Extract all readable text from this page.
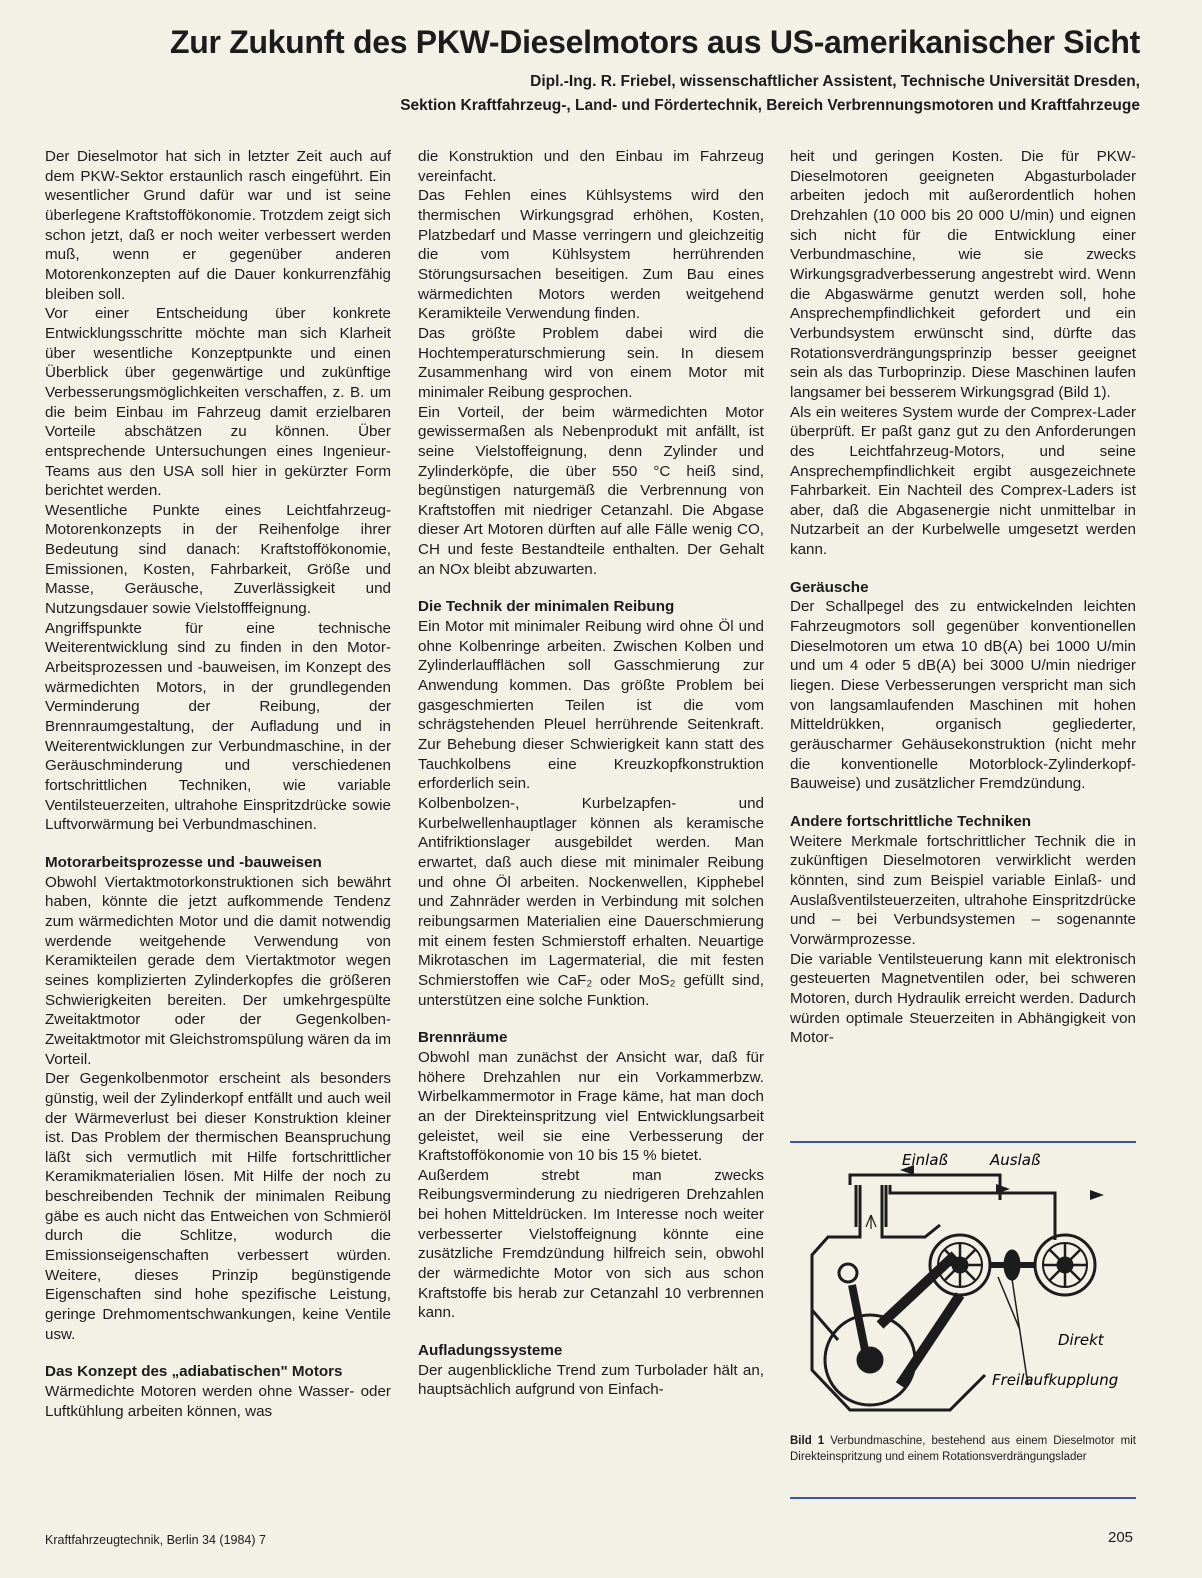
Zur Zukunft des PKW-Dieselmotors aus US-amerikanischer Sicht
Dipl.-Ing. R. Friebel, wissenschaftlicher Assistent, Technische Universität Dresden,
Sektion Kraftfahrzeug-, Land- und Fördertechnik, Bereich Verbrennungsmotoren und Kraftfahrzeuge

Der Dieselmotor hat sich in letzter Zeit auch auf dem PKW-Sektor erstaunlich rasch eingeführt. Ein wesentlicher Grund dafür war und ist seine überlegene Kraftstoffökonomie. Trotzdem zeigt sich schon jetzt, daß er noch weiter verbessert werden muß, wenn er gegenüber anderen Motorenkonzepten auf die Dauer konkurrenzfähig bleiben soll.

Vor einer Entscheidung über konkrete Entwicklungsschritte möchte man sich Klarheit über wesentliche Konzeptpunkte und einen Überblick über gegenwärtige und zukünftige Verbesserungsmöglichkeiten verschaffen, z. B. um die beim Einbau im Fahrzeug damit erzielbaren Vorteile abschätzen zu können. Über entsprechende Untersuchungen eines Ingenieur-Teams aus den USA soll hier in gekürzter Form berichtet werden.

Wesentliche Punkte eines Leichtfahrzeug-Motorenkonzepts in der Reihenfolge ihrer Bedeutung sind danach: Kraftstoffökonomie, Emissionen, Kosten, Fahrbarkeit, Größe und Masse, Geräusche, Zuverlässigkeit und Nutzungsdauer sowie Vielstofffeignung.

Angriffspunkte für eine technische Weiterentwicklung sind zu finden in den Motor-Arbeitsprozessen und -bauweisen, im Konzept des wärmedichten Motors, in der grundlegenden Verminderung der Reibung, der Brennraumgestaltung, der Aufladung und in Weiterentwicklungen zur Verbundmaschine, in der Geräuschminderung und verschiedenen fortschrittlichen Techniken, wie variable Ventilsteuerzeiten, ultrahohe Einspritzdrücke sowie Luftvorwärmung bei Verbundmaschinen.

Motorarbeitsprozesse und -bauweisen

Obwohl Viertaktmotorkonstruktionen sich bewährt haben, könnte die jetzt aufkommende Tendenz zum wärmedichten Motor und die damit notwendig werdende weitgehende Verwendung von Keramikteilen gerade dem Viertaktmotor wegen seines komplizierten Zylinderkopfes die größeren Schwierigkeiten bereiten. Der umkehrgespülte Zweitaktmotor oder der Gegenkolben-Zweitaktmotor mit Gleichstromspülung wären da im Vorteil.

Der Gegenkolbenmotor erscheint als besonders günstig, weil der Zylinderkopf entfällt und auch weil der Wärmeverlust bei dieser Konstruktion kleiner ist. Das Problem der thermischen Beanspruchung läßt sich vermutlich mit Hilfe fortschrittlicher Keramikmaterialien lösen. Mit Hilfe der noch zu beschreibenden Technik der minimalen Reibung gäbe es auch nicht das Entweichen von Schmieröl durch die Schlitze, wodurch die Emissionseigenschaften verbessert würden. Weitere, dieses Prinzip begünstigende Eigenschaften sind hohe spezifische Leistung, geringe Drehmomentschwankungen, keine Ventile usw.

Das Konzept des „adiabatischen" Motors

Wärmedichte Motoren werden ohne Wasser- oder Luftkühlung arbeiten können, was

die Konstruktion und den Einbau im Fahrzeug vereinfacht.

Das Fehlen eines Kühlsystems wird den thermischen Wirkungsgrad erhöhen, Kosten, Platzbedarf und Masse verringern und gleichzeitig die vom Kühlsystem herrührenden Störungsursachen beseitigen. Zum Bau eines wärmedichten Motors werden weitgehend Keramikteile Verwendung finden.

Das größte Problem dabei wird die Hochtemperaturschmierung sein. In diesem Zusammenhang wird von einem Motor mit minimaler Reibung gesprochen.

Ein Vorteil, der beim wärmedichten Motor gewissermaßen als Nebenprodukt mit anfällt, ist seine Vielstoffeignung, denn Zylinder und Zylinderköpfe, die über 550 °C heiß sind, begünstigen naturgemäß die Verbrennung von Kraftstoffen mit niedriger Cetanzahl. Die Abgase dieser Art Motoren dürften auf alle Fälle wenig CO, CH und feste Bestandteile enthalten. Der Gehalt an NOx bleibt abzuwarten.

Die Technik der minimalen Reibung

Ein Motor mit minimaler Reibung wird ohne Öl und ohne Kolbenringe arbeiten. Zwischen Kolben und Zylinderlaufflächen soll Gasschmierung zur Anwendung kommen. Das größte Problem bei gasgeschmierten Teilen ist die vom schrägstehenden Pleuel herrührende Seitenkraft. Zur Behebung dieser Schwierigkeit kann statt des Tauchkolbens eine Kreuzkopfkonstruktion erforderlich sein.

Kolbenbolzen-, Kurbelzapfen- und Kurbelwellenhauptlager können als keramische Antifriktionslager ausgebildet werden. Man erwartet, daß auch diese mit minimaler Reibung und ohne Öl arbeiten. Nockenwellen, Kipphebel und Zahnräder werden in Verbindung mit solchen reibungsarmen Materialien eine Dauerschmierung mit einem festen Schmierstoff erhalten. Neuartige Mikrotaschen im Lagermaterial, die mit festen Schmierstoffen wie CaF₂ oder MoS₂ gefüllt sind, unterstützen eine solche Funktion.

Brennräume

Obwohl man zunächst der Ansicht war, daß für höhere Drehzahlen nur ein Vorkammerbzw. Wirbelkammermotor in Frage käme, hat man doch an der Direkteinspritzung viel Entwicklungsarbeit geleistet, weil sie eine Verbesserung der Kraftstoffökonomie von 10 bis 15 % bietet.

Außerdem strebt man zwecks Reibungsverminderung zu niedrigeren Drehzahlen bei hohen Mitteldrücken. Im Interesse noch weiter verbesserter Vielstoffeignung könnte eine zusätzliche Fremdzündung hilfreich sein, obwohl der wärmedichte Motor von sich aus schon Kraftstoffe bis herab zur Cetanzahl 10 verbrennen kann.

Aufladungssysteme

Der augenblickliche Trend zum Turbolader hält an, hauptsächlich aufgrund von Einfach-

heit und geringen Kosten. Die für PKW-Dieselmotoren geeigneten Abgasturbolader arbeiten jedoch mit außerordentlich hohen Drehzahlen (10 000 bis 20 000 U/min) und eignen sich nicht für die Entwicklung einer Verbundmaschine, wie sie zwecks Wirkungsgradverbesserung angestrebt wird. Wenn die Abgaswärme genutzt werden soll, hohe Ansprechempfindlichkeit gefordert und ein Verbundsystem erwünscht sind, dürfte das Rotationsverdrängungsprinzip besser geeignet sein als das Turboprinzip. Diese Maschinen laufen langsamer bei besserem Wirkungsgrad (Bild 1).

Als ein weiteres System wurde der Comprex-Lader überprüft. Er paßt ganz gut zu den Anforderungen des Leichtfahrzeug-Motors, und seine Ansprechempfindlichkeit ergibt ausgezeichnete Fahrbarkeit. Ein Nachteil des Comprex-Laders ist aber, daß die Abgasenergie nicht unmittelbar in Nutzarbeit an der Kurbelwelle umgesetzt werden kann.

Geräusche

Der Schallpegel des zu entwickelnden leichten Fahrzeugmotors soll gegenüber konventionellen Dieselmotoren um etwa 10 dB(A) bei 1000 U/min und um 4 oder 5 dB(A) bei 3000 U/min niedriger liegen. Diese Verbesserungen verspricht man sich von langsamlaufenden Maschinen mit hohen Mitteldrükken, organisch gegliederter, geräuscharmer Gehäusekonstruktion (nicht mehr die konventionelle Motorblock-Zylinderkopf-Bauweise) und zusätzlicher Fremdzündung.

Andere fortschrittliche Techniken

Weitere Merkmale fortschrittlicher Technik die in zukünftigen Dieselmotoren verwirklicht werden könnten, sind zum Beispiel variable Einlaß- und Auslaßventilsteuerzeiten, ultrahohe Einspritzdrücke und – bei Verbundsystemen – sogenannte Vorwärmprozesse.

Die variable Ventilsteuerung kann mit elektronisch gesteuerten Magnetventilen oder, bei schweren Motoren, durch Hydraulik erreicht werden. Dadurch würden optimale Steuerzeiten in Abhängigkeit von Motor-

Einlaß	Auslaß
Direkt
Freilaufkupplung
Bild 1 Verbundmaschine, bestehend aus einem Dieselmotor mit Direkteinspritzung und einem Rotationsverdrängungslader
Kraftfahrzeugtechnik, Berlin 34 (1984) 7	205
